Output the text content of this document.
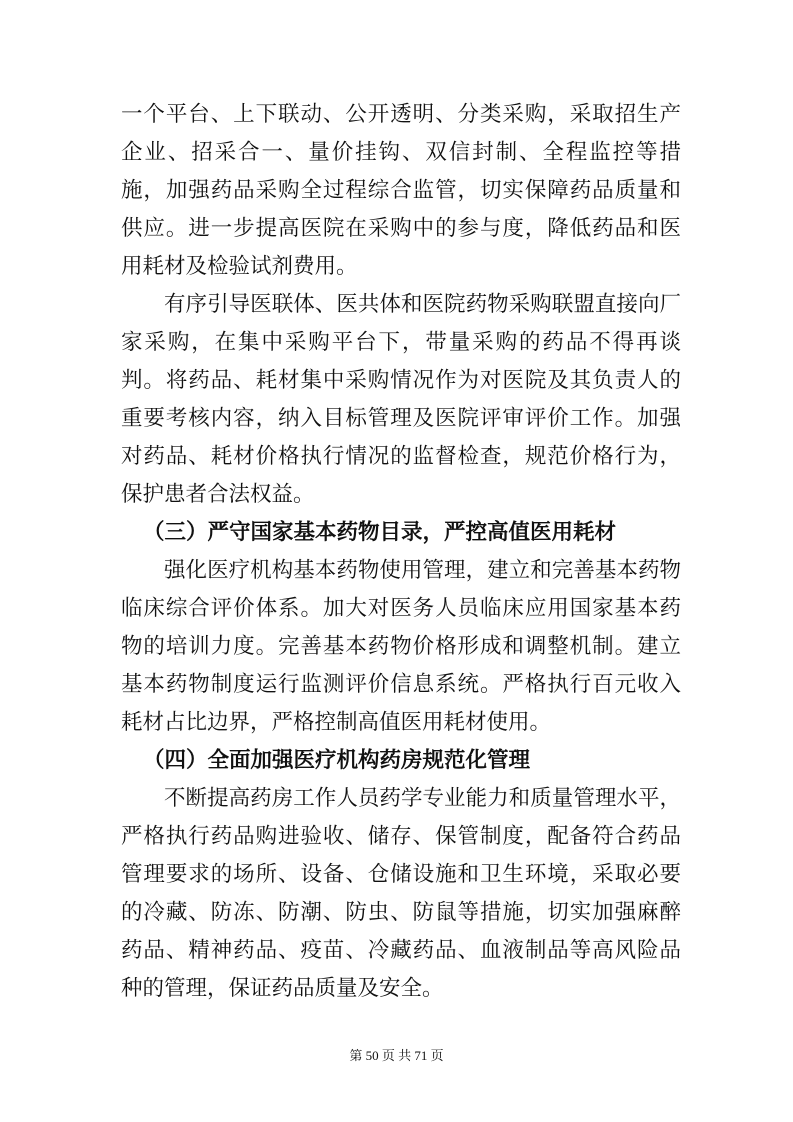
一个平台、上下联动、公开透明、分类采购，采取招生产
企业、招采合一、量价挂钩、双信封制、全程监控等措
施，加强药品采购全过程综合监管，切实保障药品质量和
供应。进一步提高医院在采购中的参与度，降低药品和医
用耗材及检验试剂费用。
有序引导医联体、医共体和医院药物采购联盟直接向厂
家采购，在集中采购平台下，带量采购的药品不得再谈
判。将药品、耗材集中采购情况作为对医院及其负责人的
重要考核内容，纳入目标管理及医院评审评价工作。加强
对药品、耗材价格执行情况的监督检查，规范价格行为，
保护患者合法权益。
（三）严守国家基本药物目录，严控高值医用耗材
强化医疗机构基本药物使用管理，建立和完善基本药物
临床综合评价体系。加大对医务人员临床应用国家基本药
物的培训力度。完善基本药物价格形成和调整机制。建立
基本药物制度运行监测评价信息系统。严格执行百元收入
耗材占比边界，严格控制高值医用耗材使用。
（四）全面加强医疗机构药房规范化管理
不断提高药房工作人员药学专业能力和质量管理水平，
严格执行药品购进验收、储存、保管制度，配备符合药品
管理要求的场所、设备、仓储设施和卫生环境，采取必要
的冷藏、防冻、防潮、防虫、防鼠等措施，切实加强麻醉
药品、精神药品、疫苗、冷藏药品、血液制品等高风险品
种的管理，保证药品质量及安全。
第 50 页 共 71 页
